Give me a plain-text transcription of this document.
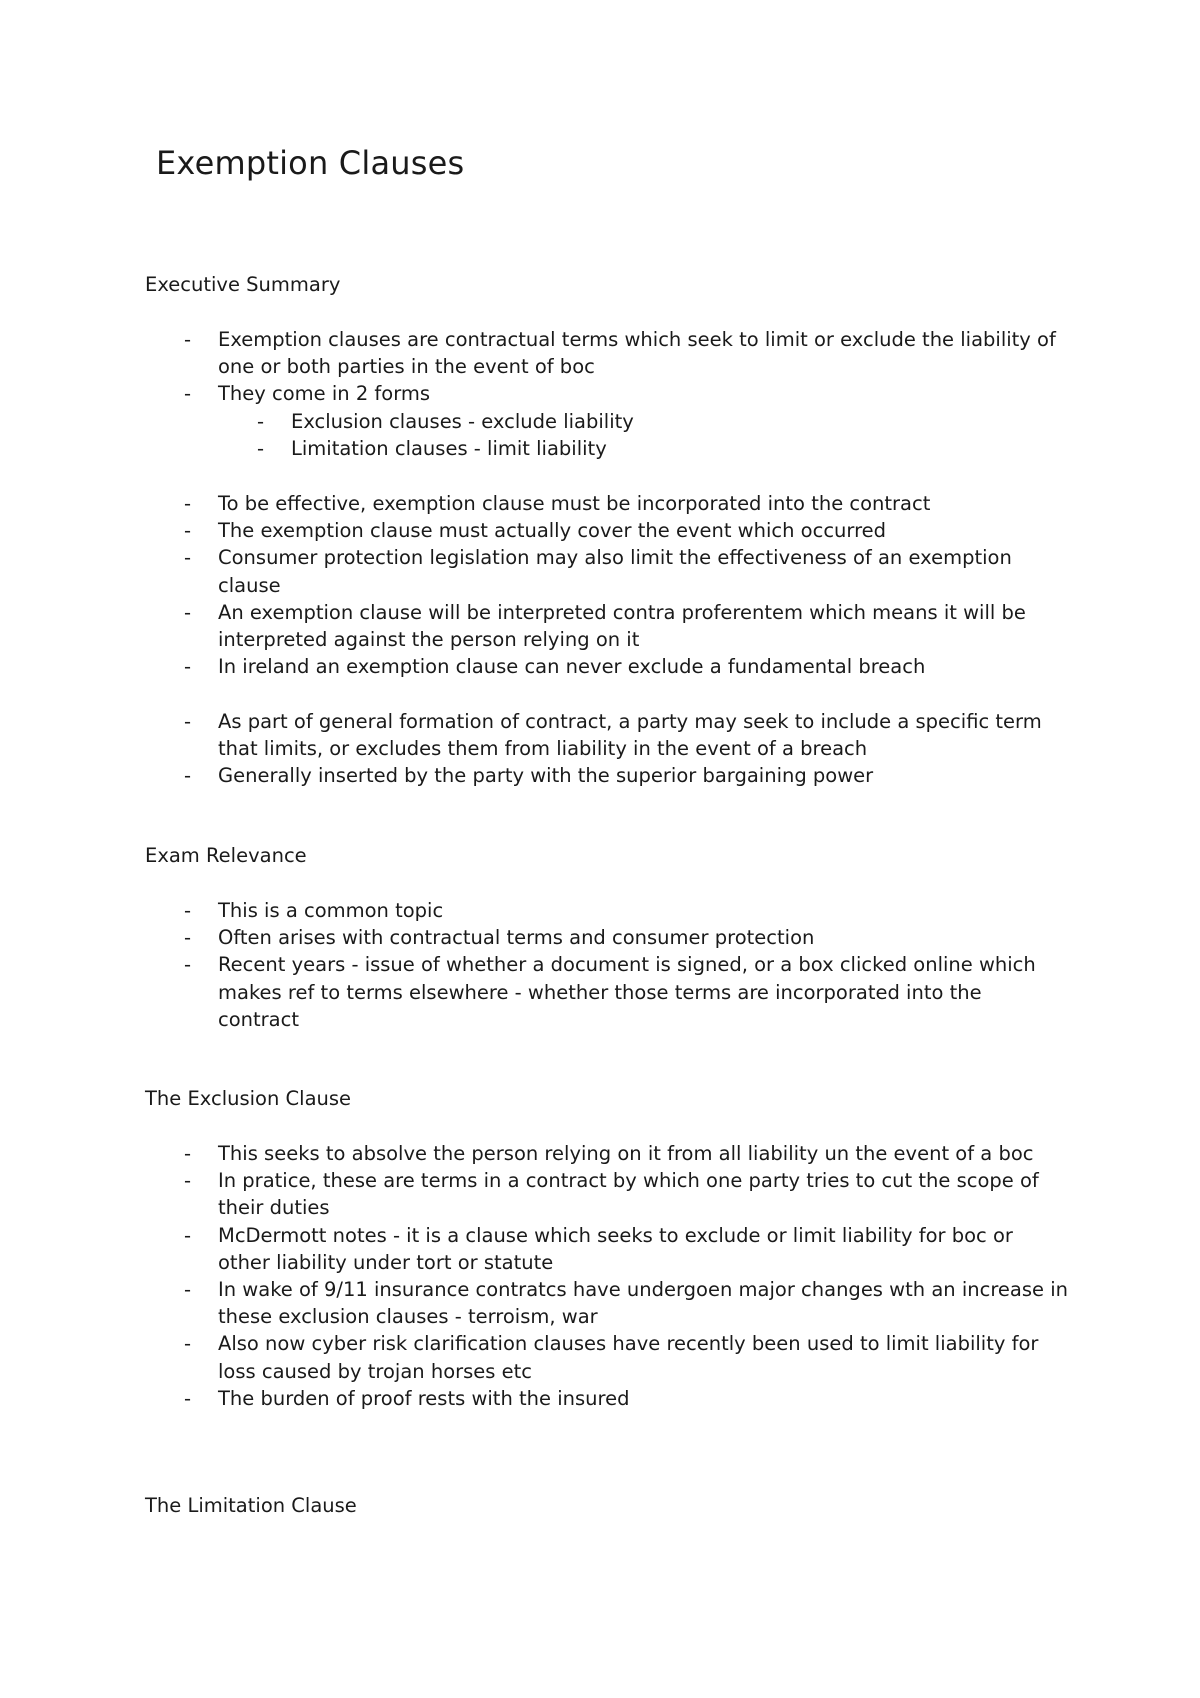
Exemption Clauses
Executive Summary
- Exemption clauses are contractual terms which seek to limit or exclude the liability of one or both parties in the event of boc
- They come in 2 forms
- Exclusion clauses - exclude liability
- Limitation clauses - limit liability
- To be effective, exemption clause must be incorporated into the contract
- The exemption clause must actually cover the event which occurred
- Consumer protection legislation may also limit the effectiveness of an exemption clause
- An exemption clause will be interpreted contra proferentem which means it will be interpreted against the person relying on it
- In ireland an exemption clause can never exclude a fundamental breach
- As part of general formation of contract, a party may seek to include a specific term that limits, or excludes them from liability in the event of a breach
- Generally inserted by the party with the superior bargaining power
Exam Relevance
- This is a common topic
- Often arises with contractual terms and consumer protection
- Recent years - issue of whether a document is signed, or a box clicked online which makes ref to terms elsewhere - whether those terms are incorporated into the contract
The Exclusion Clause
- This seeks to absolve the person relying on it from all liability un the event of a boc
- In pratice, these are terms in a contract by which one party tries to cut the scope of their duties
- McDermott notes - it is a clause which seeks to exclude or limit liability for boc or other liability under tort or statute
- In wake of 9/11 insurance contratcs have undergoen major changes wth an increase in these exclusion clauses - terroism, war
- Also now cyber risk clarification clauses have recently been used to limit liability for loss caused by trojan horses etc
- The burden of proof rests with the insured
The Limitation Clause
